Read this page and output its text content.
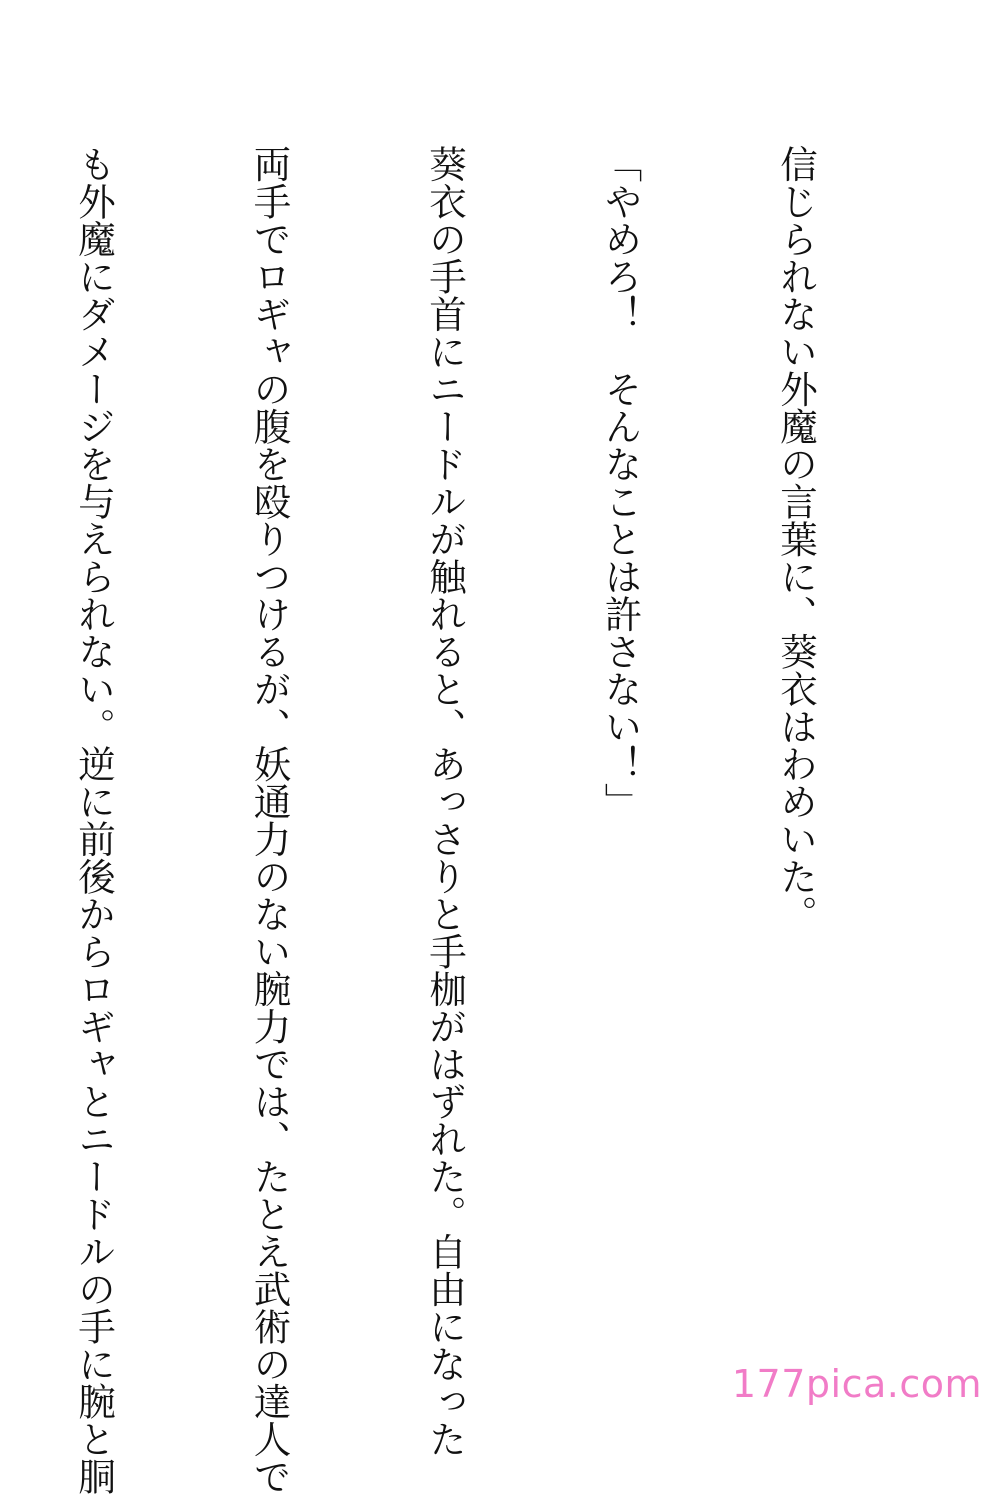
信じられない外魔の言葉に、葵衣はわめいた。

「やめろ！　そんなことは許さない！」

葵衣の手首にニードルが触れると、あっさりと手枷がはずれた。自由になった

両手でロギャの腹を殴りつけるが、妖通力のない腕力では、たとえ武術の達人で

も外魔にダメージを与えられない。逆に前後からロギャとニードルの手に腕と胴

	177pica.com
